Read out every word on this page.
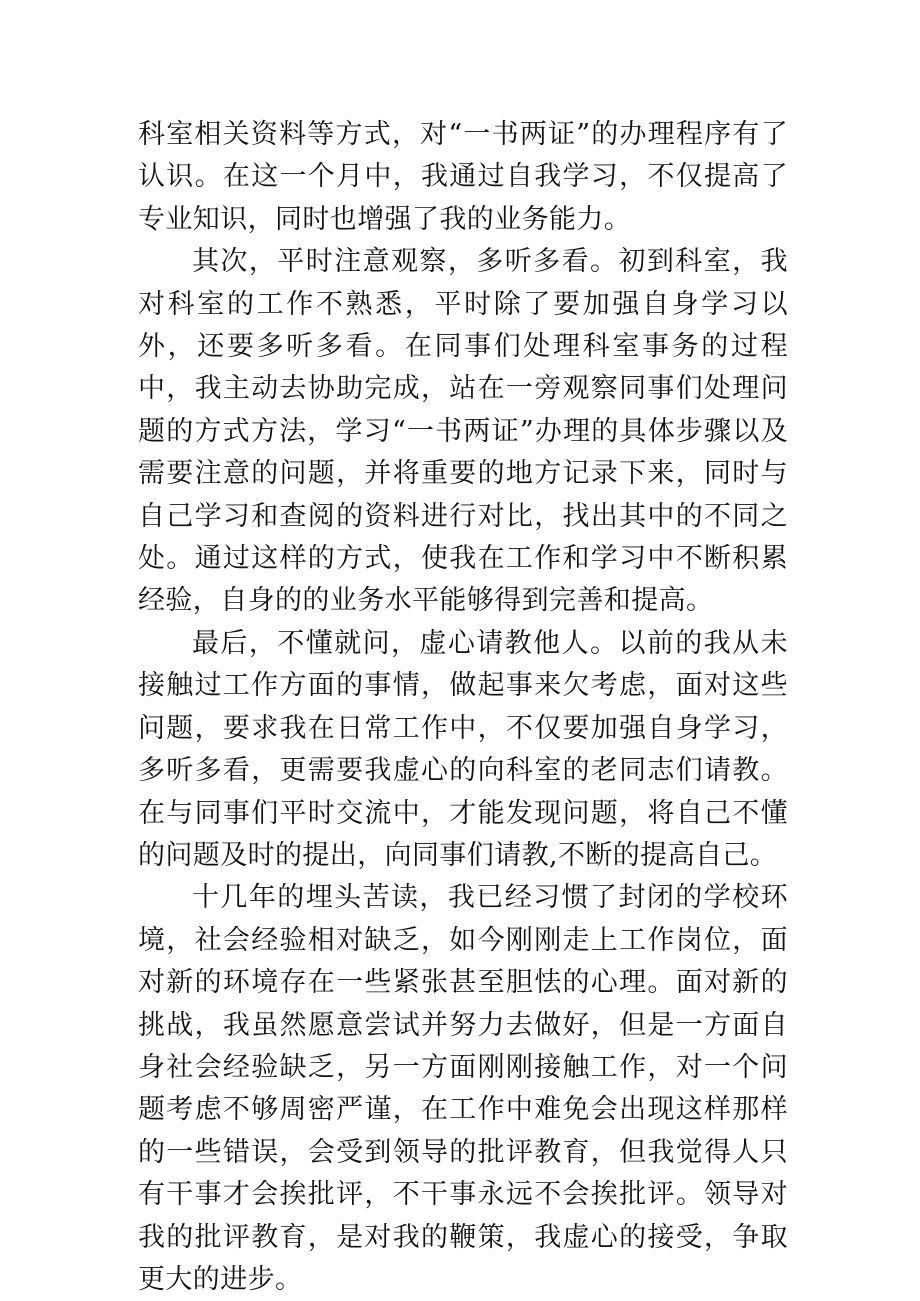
科室相关资料等方式，对“一书两证”的办理程序有了认识。在这一个月中，我通过自我学习，不仅提高了专业知识，同时也增强了我的业务能力。

其次，平时注意观察，多听多看。初到科室，我对科室的工作不熟悉，平时除了要加强自身学习以外，还要多听多看。在同事们处理科室事务的过程中，我主动去协助完成，站在一旁观察同事们处理问题的方式方法，学习“一书两证”办理的具体步骤以及需要注意的问题，并将重要的地方记录下来，同时与自己学习和查阅的资料进行对比，找出其中的不同之处。通过这样的方式，使我在工作和学习中不断积累经验，自身的的业务水平能够得到完善和提高。

最后，不懂就问，虚心请教他人。以前的我从未接触过工作方面的事情，做起事来欠考虑，面对这些问题，要求我在日常工作中，不仅要加强自身学习，多听多看，更需要我虚心的向科室的老同志们请教。在与同事们平时交流中，才能发现问题，将自己不懂的问题及时的提出，向同事们请教,不断的提高自己。

十几年的埋头苦读，我已经习惯了封闭的学校环境，社会经验相对缺乏，如今刚刚走上工作岗位，面对新的环境存在一些紧张甚至胆怯的心理。面对新的挑战，我虽然愿意尝试并努力去做好，但是一方面自身社会经验缺乏，另一方面刚刚接触工作，对一个问题考虑不够周密严谨，在工作中难免会出现这样那样的一些错误，会受到领导的批评教育，但我觉得人只有干事才会挨批评，不干事永远不会挨批评。领导对我的批评教育，是对我的鞭策，我虚心的接受，争取更大的进步。
